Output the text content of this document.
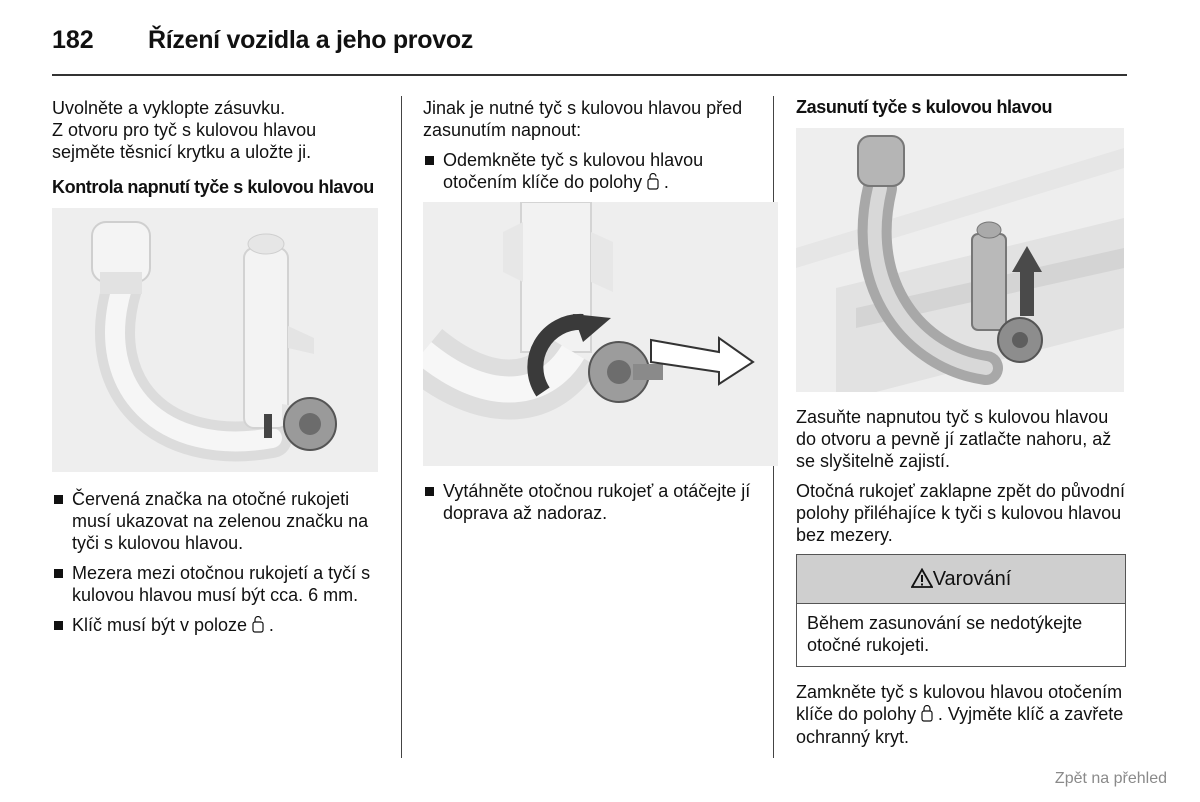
182 Řízení vozidla a jeho provoz

Uvolněte a vyklopte zásuvku.

Z otvoru pro tyč s kulovou hlavou sejměte těsnicí krytku a uložte ji.

Kontrola napnutí tyče s kulovou hlavou
Červená značka na otočné rukojeti musí ukazovat na zelenou značku na tyči s kulovou hlavou.
Mezera mezi otočnou rukojetí a tyčí s kulovou hlavou musí být cca. 6 mm.
Klíč musí být v poloze .

Jinak je nutné tyč s kulovou hlavou před zasunutím napnout:

Odemkněte tyč s kulovou hlavou otočením klíče do polohy .
Vytáhněte otočnou rukojeť a otáčejte jí doprava až nadoraz.
Zasunutí tyče s kulovou hlavou

Zasuňte napnutou tyč s kulovou hlavou do otvoru a pevně jí zatlačte nahoru, až se slyšitelně zajistí.

Otočná rukojeť zaklapne zpět do původní polohy přiléhajíce k tyči s kulovou hlavou bez mezery.

Varování
Během zasunování se nedotýkejte otočné rukojeti.

Zamkněte tyč s kulovou hlavou otočením klíče do polohy . Vyjměte klíč a zavřete ochranný kryt.

Zpět na přehled
